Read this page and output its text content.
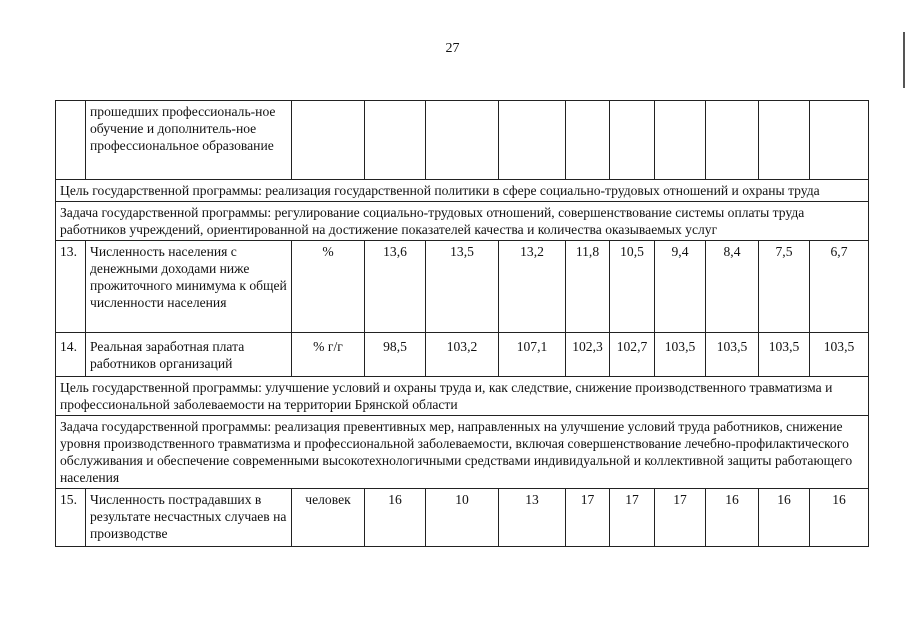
27
	прошедших профессиональ-ное обучение и дополнитель-ное профессиональное образование										
Цель государственной программы: реализация государственной политики в сфере социально-трудовых отношений и охраны труда											
Задача государственной программы: регулирование социально-трудовых отношений, совершенствование системы оплаты труда работников учреждений, ориентированной на достижение показателей качества и количества оказываемых услуг											
13.	Численность населения с денежными доходами ниже прожиточного минимума к общей численности населения	%	13,6	13,5	13,2	11,8	10,5	9,4	8,4	7,5	6,7
14.	Реальная заработная плата работников организаций	% г/г	98,5	103,2	107,1	102,3	102,7	103,5	103,5	103,5	103,5
Цель государственной программы: улучшение условий и охраны труда и, как следствие, снижение производственного травматизма и профессиональной заболеваемости на территории Брянской области											
Задача государственной программы: реализация превентивных мер, направленных на улучшение условий труда работников, снижение уровня производственного травматизма и профессиональной заболеваемости, включая совершенствование лечебно-профилактического обслуживания и обеспечение современными высокотехнологичными средствами индивидуальной и коллективной защиты работающего населения											
15.	Численность пострадавших в результате несчастных случаев на производстве	человек	16	10	13	17	17	17	16	16	16
